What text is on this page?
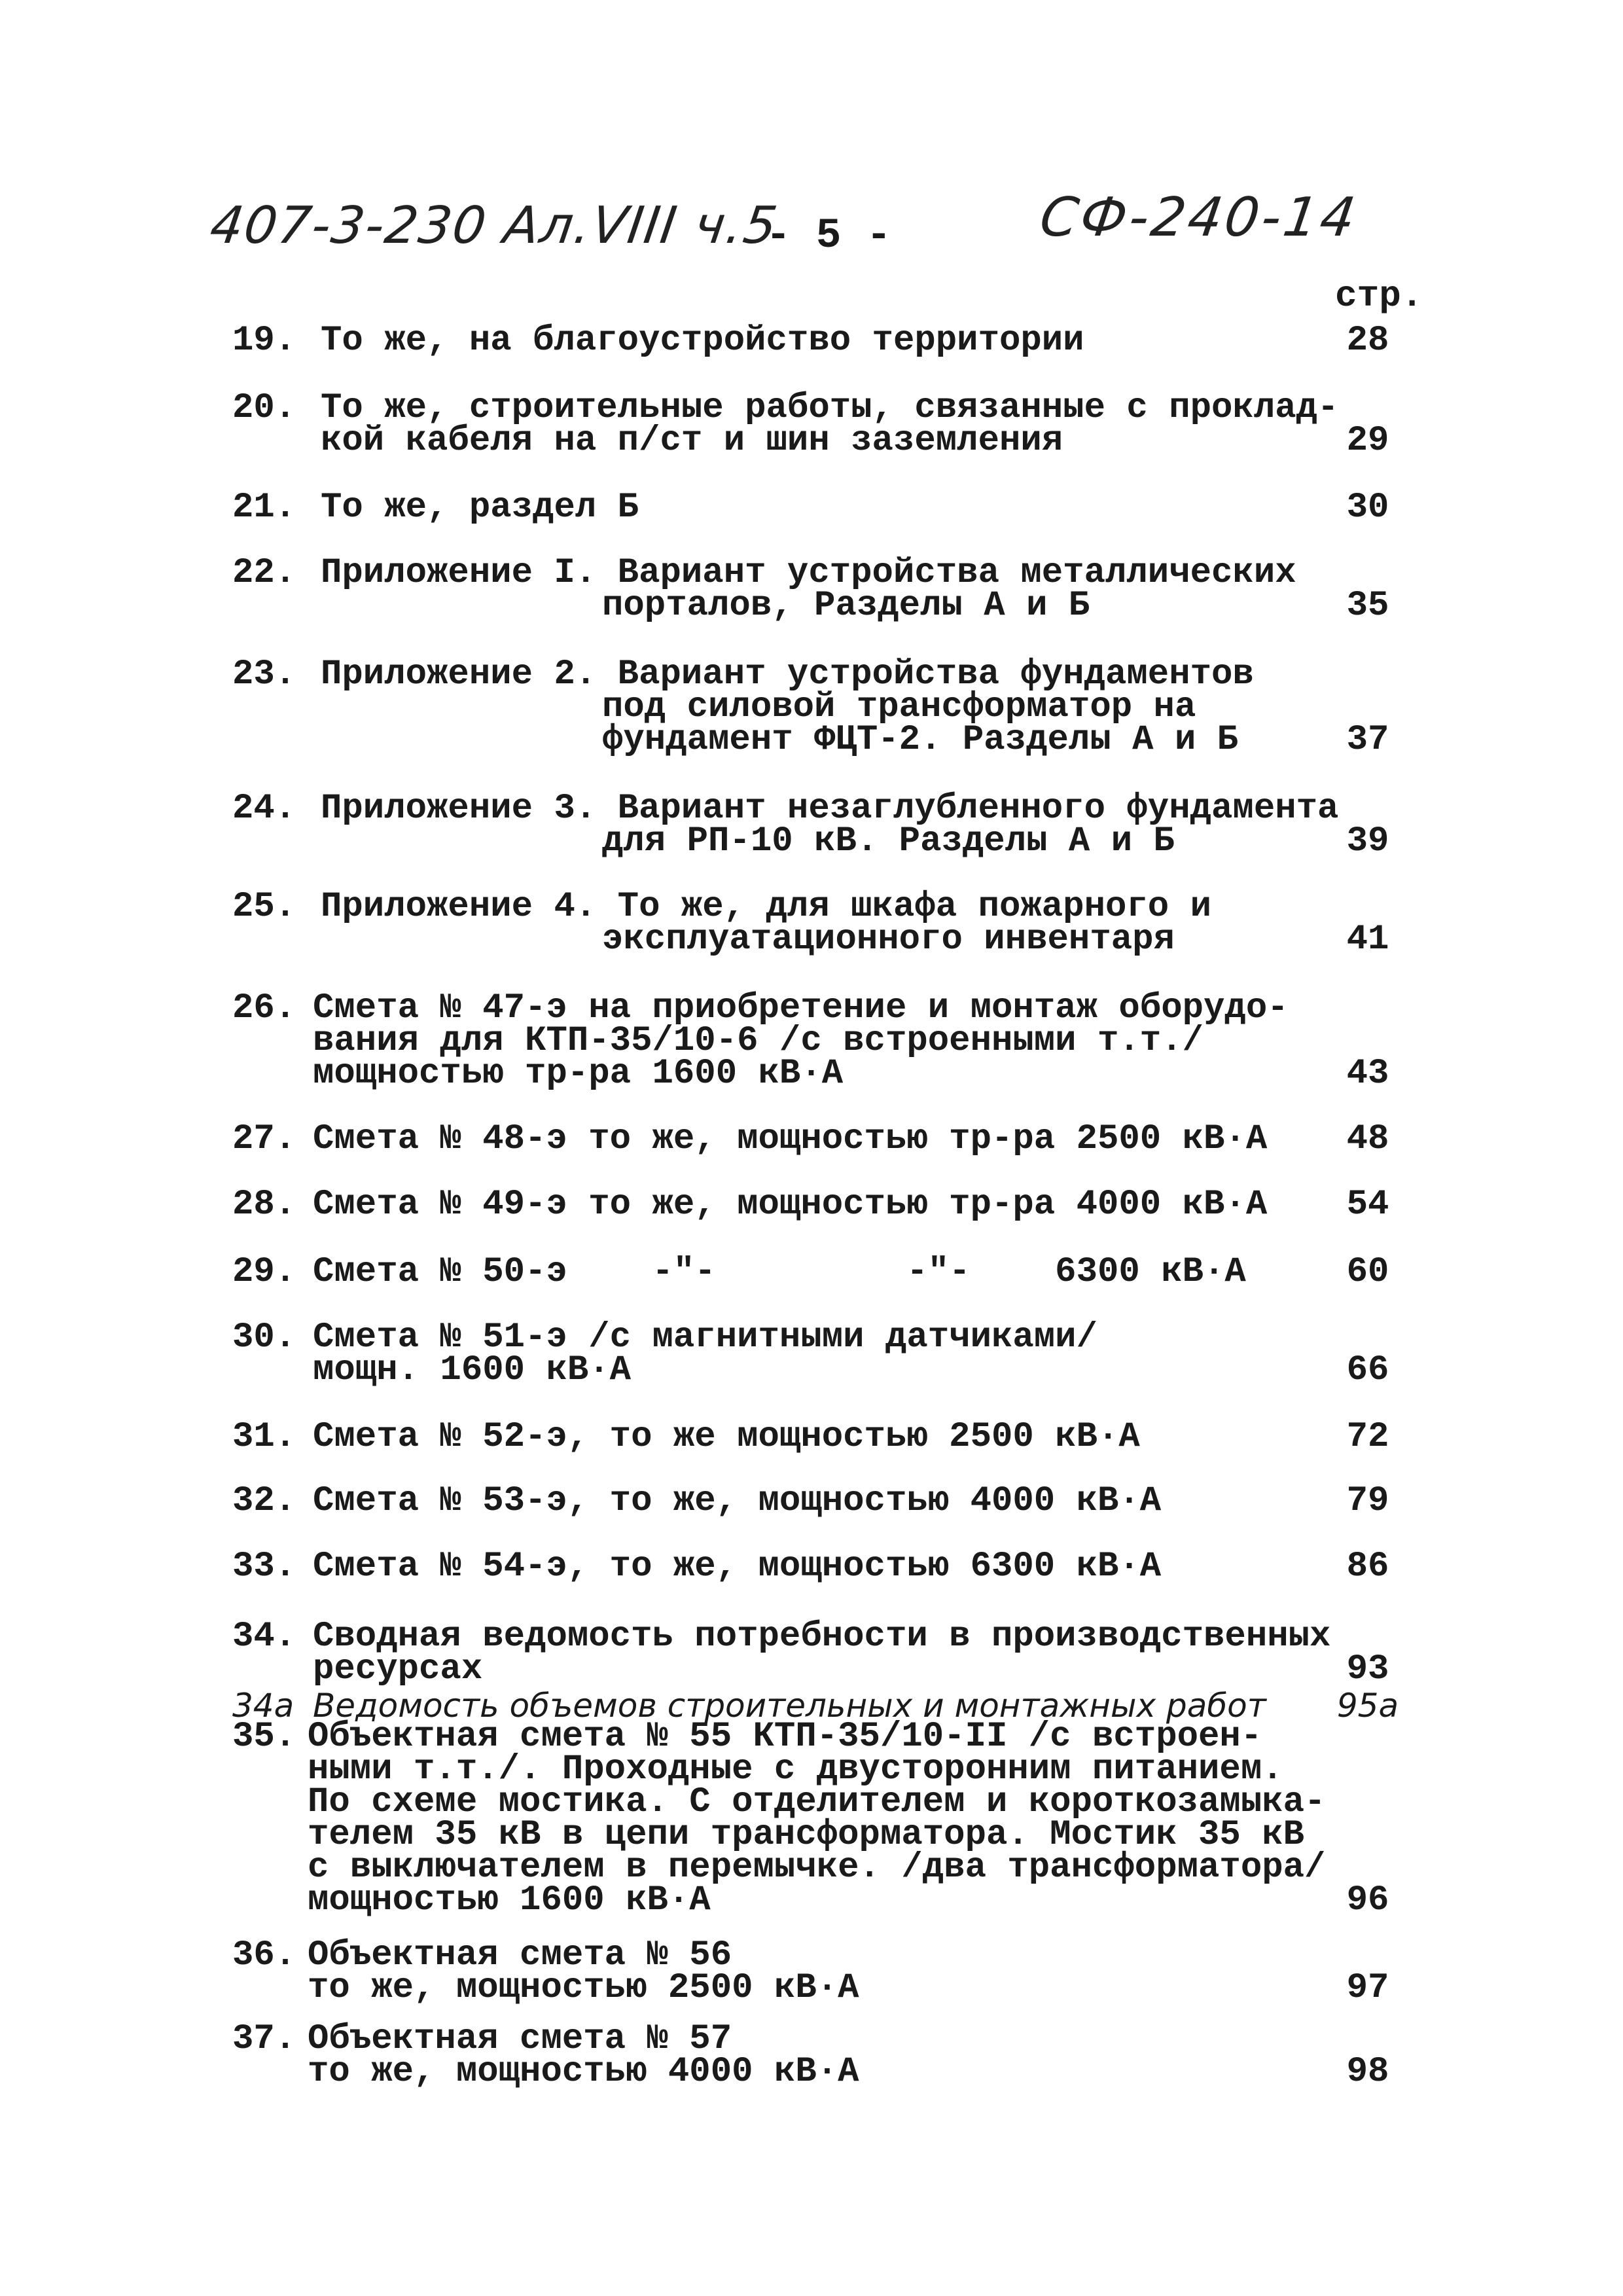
407-3-230 Ал.VIII ч.5
- 5 -	СФ-240-14
стр.
19. То же, на благоустройство территории	28
20. То же, строительные работы, связанные с проклад-
кой кабеля на п/ст и шин заземления	29
21. То же, раздел Б	30
22. Приложение I. Вариант устройства металлических
порталов, Разделы А и Б	35
23. Приложение 2. Вариант устройства фундаментов
под силовой трансформатор на
фундамент ФЦТ-2. Разделы А и Б	37
24. Приложение 3. Вариант незаглубленного фундамента
для РП-10 кВ. Разделы А и Б	39
25. Приложение 4. То же, для шкафа пожарного и
эксплуатационного инвентаря	41
26. Смета № 47-э на приобретение и монтаж оборудо-
вания для КТП-35/10-6 /с встроенными т.т./
мощностью тр-ра 1600 кВ·А	43
27. Смета № 48-э то же, мощностью тр-ра 2500 кВ·А	48
28. Смета № 49-э то же, мощностью тр-ра 4000 кВ·А	54
29. Смета № 50-э    -"-         -"-    6300 кВ·А	60
30. Смета № 51-э /с магнитными датчиками/
мощн. 1600 кВ·А	66
31. Смета № 52-э, то же мощностью 2500 кВ·А	72
32. Смета № 53-э, то же, мощностью 4000 кВ·А	79
33. Смета № 54-э, то же, мощностью 6300 кВ·А	86
34. Сводная ведомость потребности в производственных
ресурсах	93
34а Ведомость объемов строительных и монтажных работ 95а
35. Объектная смета № 55 КТП-35/10-II /с встроен-
ными т.т./. Проходные с двусторонним питанием.
По схеме мостика. С отделителем и короткозамыка-
телем 35 кВ в цепи трансформатора. Мостик 35 кВ
с выключателем в перемычке. /два трансформатора/
мощностью 1600 кВ·А	96
36. Объектная смета № 56
то же, мощностью 2500 кВ·А	97
37. Объектная смета № 57
то же, мощностью 4000 кВ·А	98
